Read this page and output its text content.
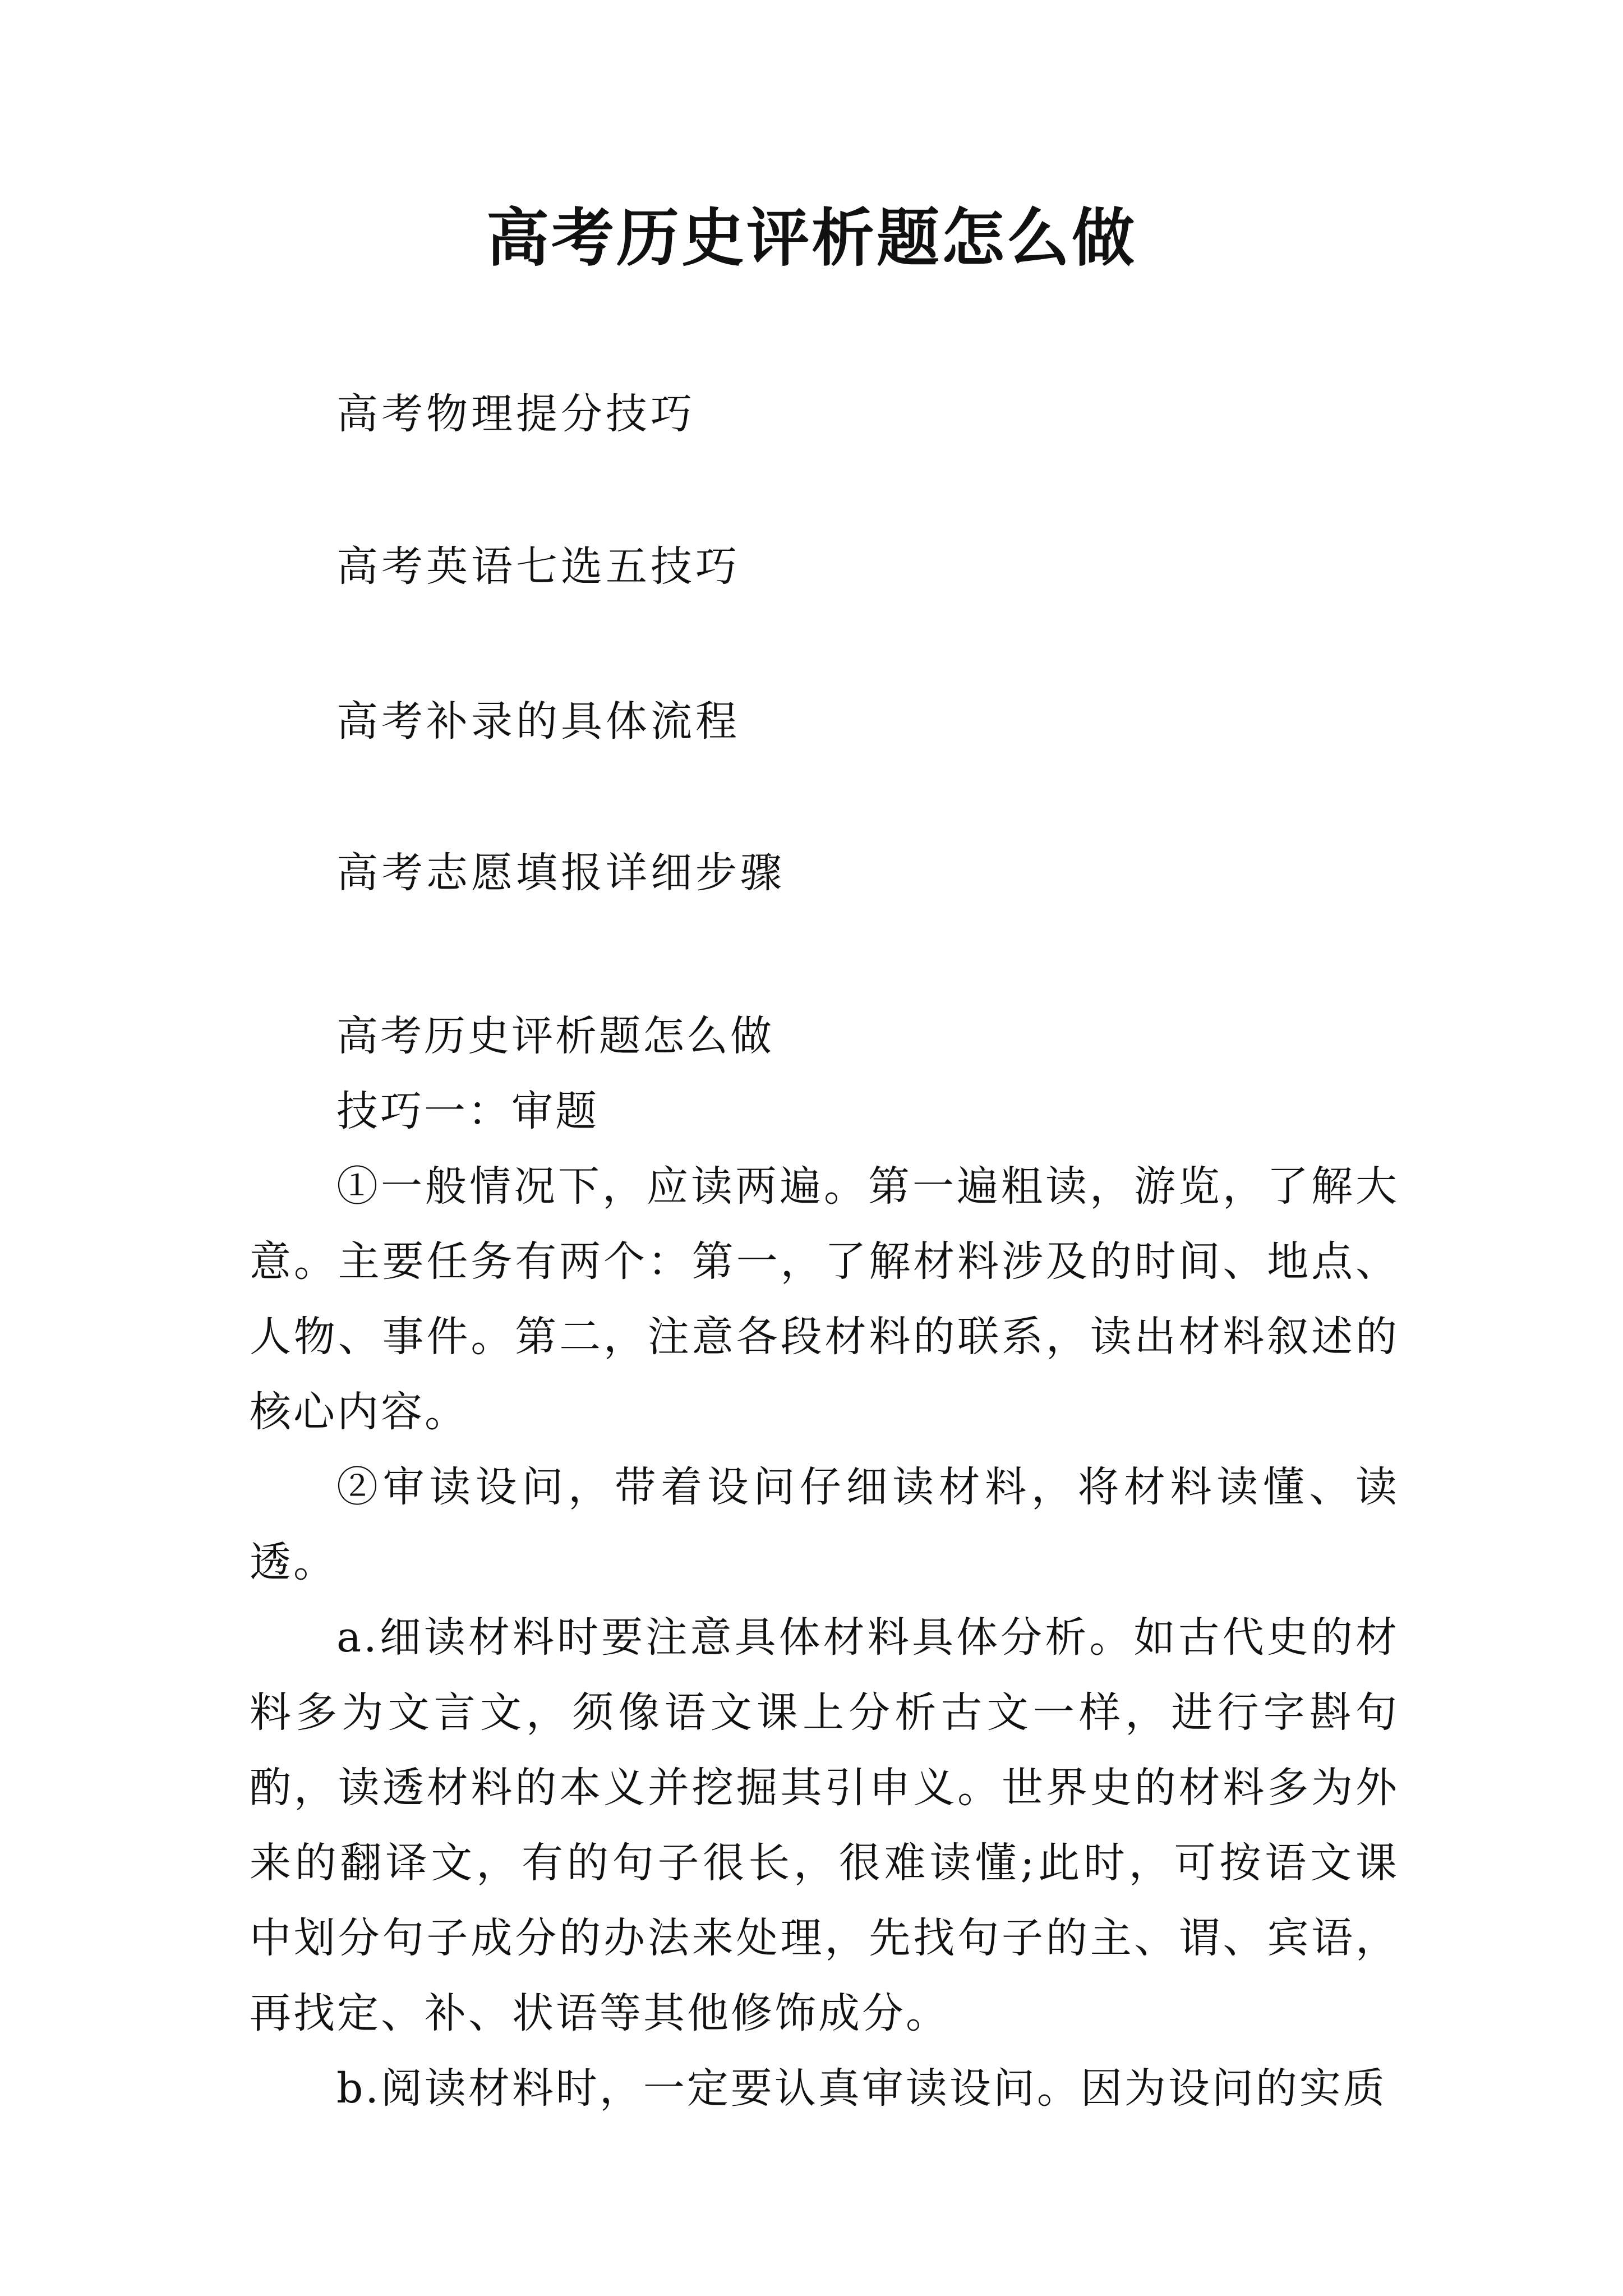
高考历史评析题怎么做
高考物理提分技巧
高考英语七选五技巧
高考补录的具体流程
高考志愿填报详细步骤

高考历史评析题怎么做

技巧一：审题

①一般情况下，应读两遍。第一遍粗读，游览，了解大意。主要任务有两个：第一，了解材料涉及的时间、地点、人物、事件。第二，注意各段材料的联系，读出材料叙述的核心内容。

②审读设问，带着设问仔细读材料，将材料读懂、读透。

a.细读材料时要注意具体材料具体分析。如古代史的材料多为文言文，须像语文课上分析古文一样，进行字斟句酌，读透材料的本义并挖掘其引申义。世界史的材料多为外来的翻译文，有的句子很长，很难读懂;此时，可按语文课中划分句子成分的办法来处理，先找句子的主、谓、宾语，再找定、补、状语等其他修饰成分。

b.阅读材料时，一定要认真审读设问。因为设问的实质
